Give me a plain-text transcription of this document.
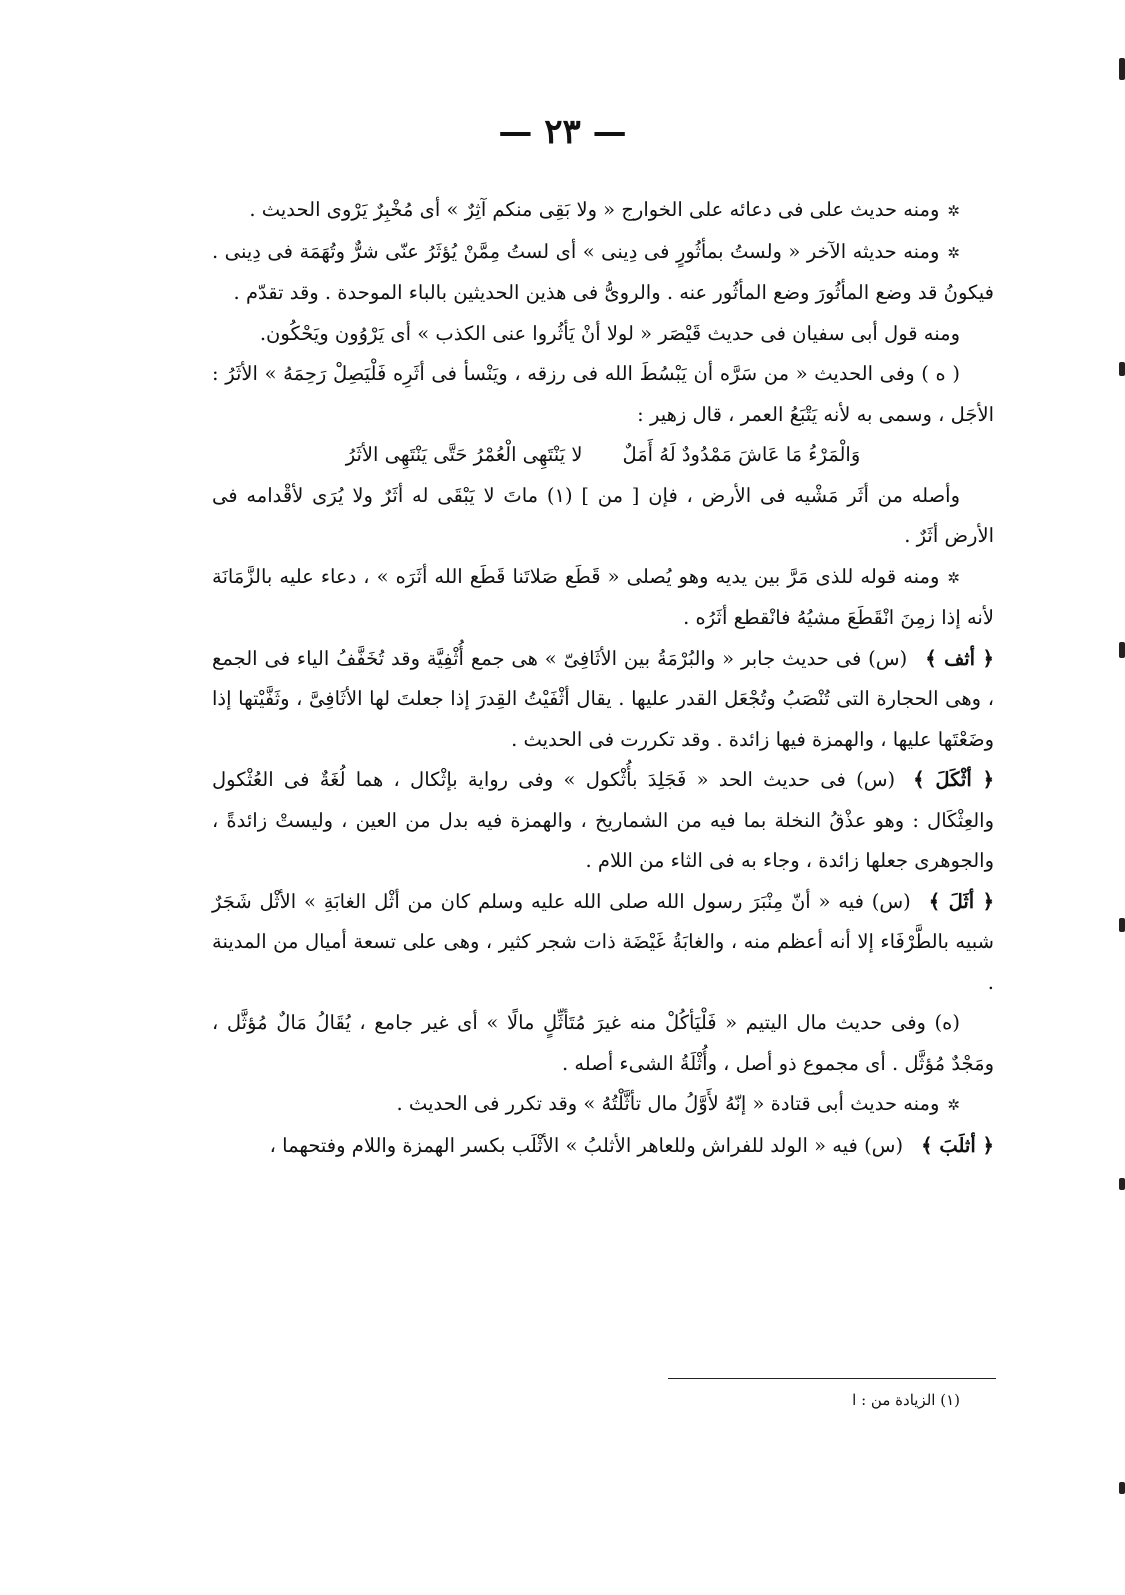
— ٢٣ —

✲ومنه حديث على فى دعائه على الخوارج « ولا بَقِى منكم آثِرٌ » أى مُخْبِرٌ يَرْوى الحديث .

✲ومنه حديثه الآخر « ولستُ بمأثُورٍ فى دِينى » أى لستُ مِمَّنْ يُؤثَرُ عنّى شرٌّ وتُهَمَة فى دِينى . فيكونُ قد وضع المأثُورَ وضع المأثُور عنه . والروىُّ فى هذين الحديثين بالباء الموحدة . وقد تقدّم .

ومنه قول أبى سفيان فى حديث قَيْصَر « لولا أنْ يَأثُروا عنى الكذب » أى يَرْوُون ويَحْكُون.

( ه ) وفى الحديث « من سَرَّه أن يَبْسُطَ الله فى رزقه ، ويَنْسأ فى أثَرِه فَلْيَصِلْ رَحِمَهُ » الأثَرُ : الأجَل ، وسمى به لأنه يَتْبَعُ العمر ، قال زهير :

وَالْمَرْءُ مَا عَاشَ مَمْدُودٌ لَهُ أَمَلٌ
لا يَنْتَهِى الْعُمْرُ حَتَّى يَنْتَهِى الأثَرُ

وأصله من أثَر مَشْيه فى الأرض ، فإن [ من ] (١) ماتَ لا يَبْقَى له أثَرٌ ولا يُرَى لأقْدامه فى الأرض أثَرٌ .

✲ومنه قوله للذى مَرَّ بين يديه وهو يُصلى « قَطَع صَلاتَنا قَطَع الله أثَرَه » ، دعاء عليه بالزَّمَانَة لأنه إذا زمِنَ انْقَطَعَ مشيُهُ فانْقطع أثَرُه .

﴿ أثف ﴾(س) فى حديث جابر « والبُرْمَةُ بين الأثَافِىّ » هى جمع أُثْفِيَّة وقد تُخَفَّفُ الياء فى الجمع ، وهى الحجارة التى تُنْصَبُ وتُجْعَل القدر عليها . يقال أثْفَيْتُ القِدرَ إذا جعلتَ لها الأثَافِىَّ ، وثَفَّيْتها إذا وضَعْتَها عليها ، والهمزة فيها زائدة . وقد تكررت فى الحديث .

﴿ أثْكَلَ ﴾(س) فى حديث الحد « فَجَلِدَ بأُثْكول » وفى رواية بإثْكال ، هما لُغَةٌ فى العُثْكول والعِثْكَال : وهو عذْقُ النخلة بما فيه من الشماريخ ، والهمزة فيه بدل من العين ، وليستْ زائدةً ، والجوهرى جعلها زائدة ، وجاء به فى الثاء من اللام .

﴿ أثَلَ ﴾(س) فيه « أنّ مِنْبَرَ رسول الله صلى الله عليه وسلم كان من أثْل الغابَةِ » الأثْل شَجَرٌ شبيه بالطَّرْفَاء إلا أنه أعظم منه ، والغابَةُ غَيْضَة ذات شجر كثير ، وهى على تسعة أميال من المدينة .

(ه) وفى حديث مال اليتيم « فَلْيَأكُلْ منه غيرَ مُتَأثِّلٍ مالًا » أى غير جامع ، يُقَالُ مَالٌ مُؤثَّل ، ومَجْدٌ مُؤثَّل . أى مجموع ذو أصل ، وأُثْلَةُ الشىء أصله .

✲ومنه حديث أبى قتادة « إنّهُ لأَوَّلُ مال تأثَّلْتُهُ » وقد تكرر فى الحديث .

﴿ أثلَبَ ﴾(س) فيه « الولد للفراش وللعاهر الأثلبُ » الأثْلَب بكسر الهمزة واللام وفتحهما ،

(١) الزيادة من : ا
